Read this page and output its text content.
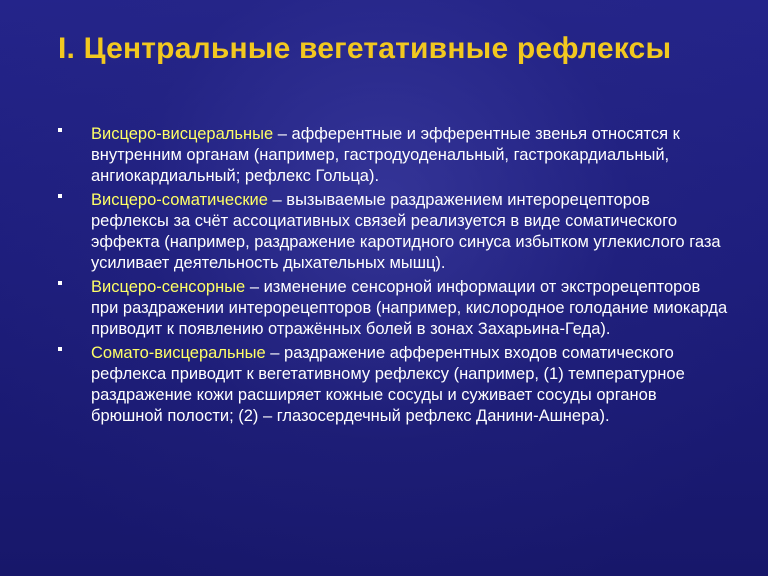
I. Центральные вегетативные рефлексы
Висцеро-висцеральные – афферентные и эфферентные звенья относятся к внутренним органам (например, гастродуоденальный, гастрокардиальный, ангиокардиальный; рефлекс Гольца).
Висцеро-соматические – вызываемые раздражением интерорецепторов рефлексы за счёт ассоциативных связей реализуется в виде соматического эффекта (например, раздражение каротидного синуса избытком углекислого газа усиливает деятельность дыхательных мышц).
Висцеро-сенсорные – изменение сенсорной информации от экстрорецепторов при раздражении интерорецепторов (например, кислородное голодание миокарда приводит к появлению отражённых болей в зонах Захарьина-Геда).
Сомато-висцеральные – раздражение афферентных входов соматического рефлекса приводит к вегетативному рефлексу (например, (1) температурное раздражение кожи расширяет кожные сосуды и суживает сосуды органов брюшной полости; (2) – глазосердечный рефлекс Данини-Ашнера).
